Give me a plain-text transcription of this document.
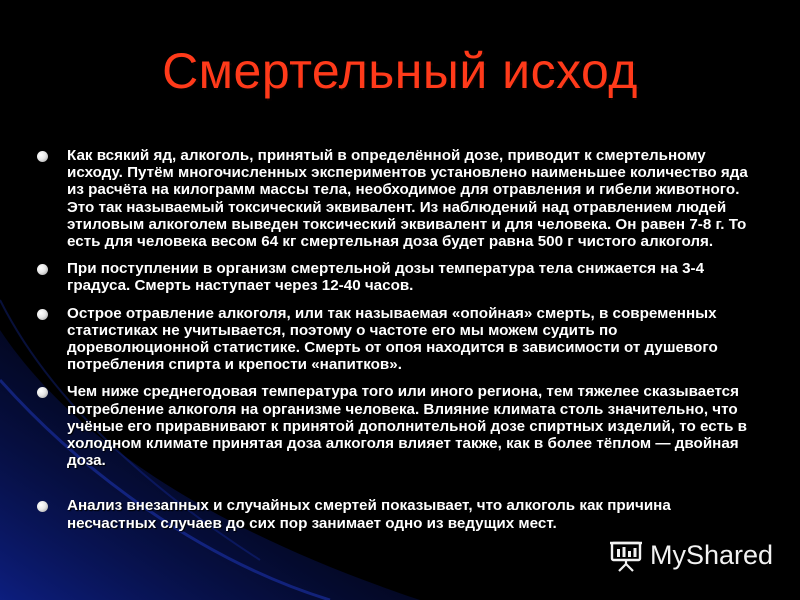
Смертельный исход
Как всякий яд, алкоголь, принятый в определённой дозе, приводит к смертельному исходу. Путём многочисленных экспериментов установлено наименьшее количество яда из расчёта на килограмм массы тела, необходимое для отравления и гибели животного. Это так называемый токсический эквивалент. Из наблюдений над отравлением людей этиловым алкоголем выведен токсический эквивалент и для человека. Он равен 7-8 г. То есть для человека весом 64 кг смертельная доза будет равна 500 г чистого алкоголя.
При поступлении в организм смертельной дозы температура тела снижается на 3-4 градуса. Смерть наступает через 12-40 часов.
Острое отравление алкоголя, или так называемая «опойная» смерть, в современных статистиках не учитывается, поэтому о частоте его мы можем судить по дореволюционной статистике. Смерть от опоя находится в зависимости от душевого потребления спирта и крепости «напитков».
Чем ниже среднегодовая температура того или иного региона, тем тяжелее сказывается потребление алкоголя на организме человека. Влияние климата столь значительно, что учёные его приравнивают к принятой дополнительной дозе спиртных изделий, то есть в холодном климате принятая доза алкоголя влияет также, как в более тёплом — двойная доза.
Анализ внезапных и случайных смертей показывает, что алкоголь как причина несчастных случаев до сих пор занимает одно из ведущих мест.
MyShared
